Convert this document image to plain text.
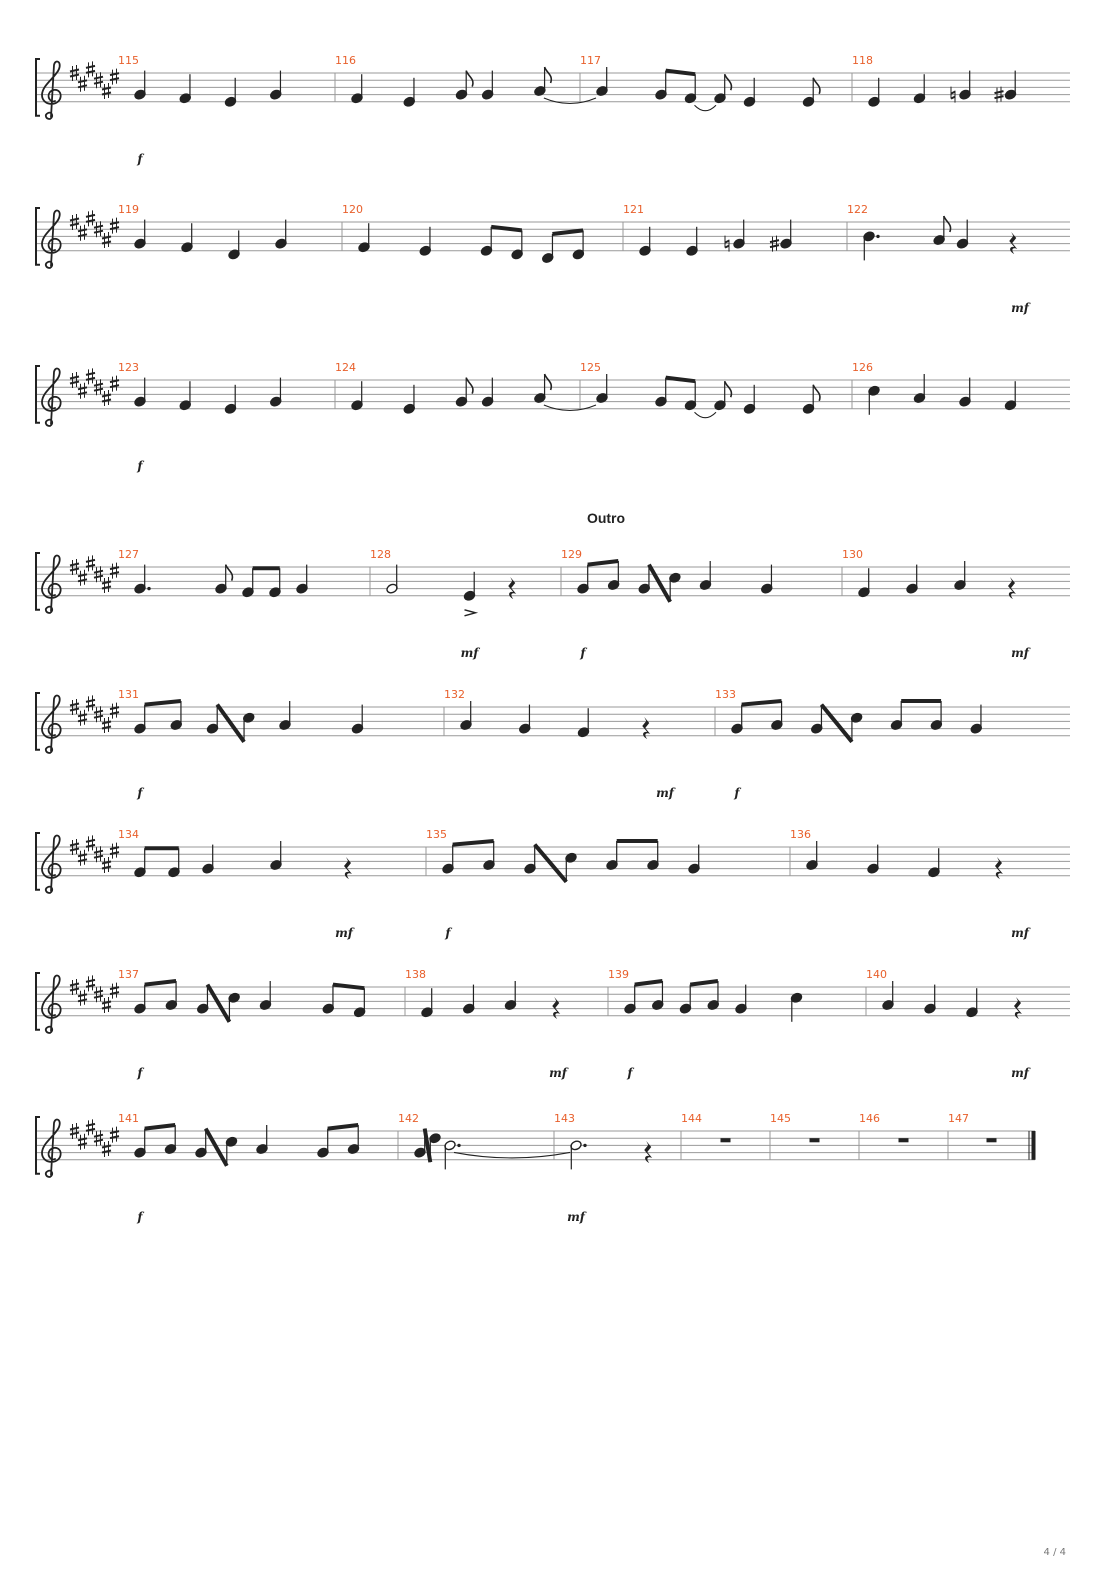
115
f
116	117	118
119	120	121	122
mf
123
f
124	125	126
Outro
127	128
mf
129
f
130
mf
131
f
132
mf
133
f
134
mf
135
f
136
mf
137
f
138
mf
139
f
140
mf
141
f
142	143
mf
144	145	146	147
4 / 4
